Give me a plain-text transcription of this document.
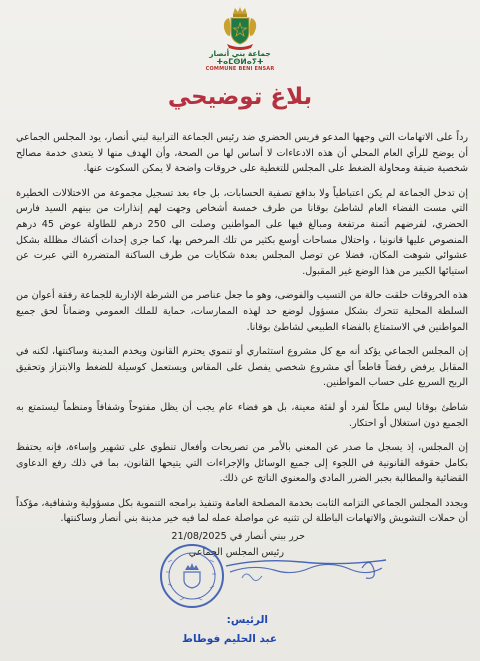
جماعة بني أنصار
ⵜⴰⵎⵙⵍⴰⵢⵜ
COMMUNE BENI ENSAR
بلاغ توضيحي

رداً على الاتهامات التي وجهها المدعو فريس الحضري ضد رئيس الجماعة الترابية لبني أنصار، يود المجلس الجماعي أن يوضح للرأي العام المحلي أن هذه الادعاءات لا أساس لها من الصحة، وأن الهدف منها لا يتعدى خدمة مصالح شخصية ضيقة ومحاولة الضغط على المجلس للتغطية على خروقات واضحة لا يمكن السكوت عنها.

إن تدخل الجماعة لم يكن اعتباطياً ولا بدافع تصفية الحسابات، بل جاء بعد تسجيل مجموعة من الاختلالات الخطيرة التي مست الفضاء العام لشاطئ بوقانا من طرف خمسة أشخاص وجهت لهم إنذارات من بينهم السيد فارس الحضري، لفرضهم أثمنة مرتفعة ومبالغ فيها على المواطنين وصلت الى 250 درهم للطاولة عوض 45 درهم المنصوص عليها قانونيا ، واحتلال مساحات أوسع بكثير من تلك المرخص بها، كما جرى إحداث أكشاك مظللة بشكل عشوائي شوهت المكان، فضلا عن توصل المجلس بعدة شكايات من طرف الساكنة المتضررة التي عبرت عن استيائها الكبير من هذا الوضع غير المقبول.

هذه الخروقات خلقت حالة من التسيب والفوضى، وهو ما جعل عناصر من الشرطة الإدارية للجماعة رفقة أعوان من السلطة المحلية تتحرك بشكل مسؤول لوضع حد لهذه الممارسات، حماية للملك العمومي وضماناً لحق جميع المواطنين في الاستمتاع بالفضاء الطبيعي لشاطئ بوقانا.

إن المجلس الجماعي يؤكد أنه مع كل مشروع استثماري أو تنموي يحترم القانون ويخدم المدينة وساكنتها، لكنه في المقابل يرفض رفضاً قاطعاً أي مشروع شخصي يفصل على المقاس ويستعمل كوسيلة للضغط والابتزاز وتحقيق الربح السريع على حساب المواطنين.

شاطئ بوقانا ليس ملكاً لفرد أو لفئة معينة، بل هو فضاء عام يجب أن يظل مفتوحاً وشفافاً ومنظماً ليستمتع به الجميع دون استغلال أو احتكار.

إن المجلس، إذ يسجل ما صدر عن المعني بالأمر من تصريحات وأفعال تنطوي على تشهير وإساءة، فإنه يحتفظ بكامل حقوقه القانونية في اللجوء إلى جميع الوسائل والإجراءات التي يتيحها القانون، بما في ذلك رفع الدعاوى القضائية والمطالبة بجبر الضرر المادي والمعنوي الناتج عن ذلك.

ويجدد المجلس الجماعي التزامه الثابت بخدمة المصلحة العامة وتنفيذ برامجه التنموية بكل مسؤولية وشفافية، مؤكداً أن حملات التشويش والاتهامات الباطلة لن تثنيه عن مواصلة عمله لما فيه خير مدينة بني أنصار وساكنتها.

حرر ببني أنصار في 21/08/2025
رئيس المجلس الجماعي
الرئيس:
عبد الحليم فوطاط
